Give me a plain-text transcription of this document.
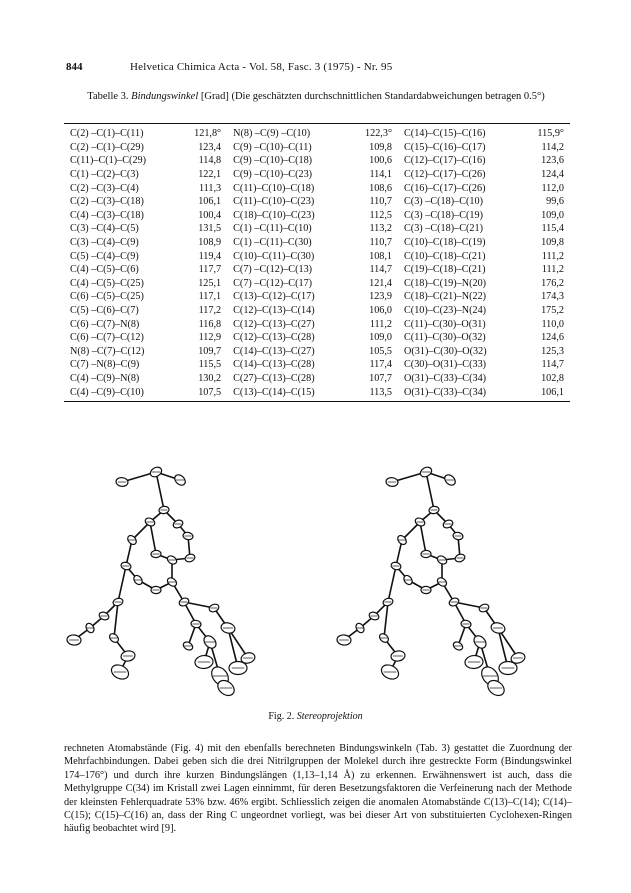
844	Helvetica Chimica Acta - Vol. 58, Fasc. 3 (1975) - Nr. 95
Tabelle 3. Bindungswinkel [Grad] (Die geschätzten durchschnittlichen Standardabweichungen betragen 0.5°)
C(2) –C(1)–C(11)	121,8°	N(8) –C(9) –C(10)	122,3°	C(14)–C(15)–C(16)	115,9°
C(2) –C(1)–C(29)	123,4	C(9) –C(10)–C(11)	109,8	C(15)–C(16)–C(17)	114,2
C(11)–C(1)–C(29)	114,8	C(9) –C(10)–C(18)	100,6	C(12)–C(17)–C(16)	123,6
C(1) –C(2)–C(3)	122,1	C(9) –C(10)–C(23)	114,1	C(12)–C(17)–C(26)	124,4
C(2) –C(3)–C(4)	111,3	C(11)–C(10)–C(18)	108,6	C(16)–C(17)–C(26)	112,0
C(2) –C(3)–C(18)	106,1	C(11)–C(10)–C(23)	110,7	C(3) –C(18)–C(10)	99,6
C(4) –C(3)–C(18)	100,4	C(18)–C(10)–C(23)	112,5	C(3) –C(18)–C(19)	109,0
C(3) –C(4)–C(5)	131,5	C(1) –C(11)–C(10)	113,2	C(3) –C(18)–C(21)	115,4
C(3) –C(4)–C(9)	108,9	C(1) –C(11)–C(30)	110,7	C(10)–C(18)–C(19)	109,8
C(5) –C(4)–C(9)	119,4	C(10)–C(11)–C(30)	108,1	C(10)–C(18)–C(21)	111,2
C(4) –C(5)–C(6)	117,7	C(7) –C(12)–C(13)	114,7	C(19)–C(18)–C(21)	111,2
C(4) –C(5)–C(25)	125,1	C(7) –C(12)–C(17)	121,4	C(18)–C(19)–N(20)	176,2
C(6) –C(5)–C(25)	117,1	C(13)–C(12)–C(17)	123,9	C(18)–C(21)–N(22)	174,3
C(5) –C(6)–C(7)	117,2	C(12)–C(13)–C(14)	106,0	C(10)–C(23)–N(24)	175,2
C(6) –C(7)–N(8)	116,8	C(12)–C(13)–C(27)	111,2	C(11)–C(30)–O(31)	110,0
C(6) –C(7)–C(12)	112,9	C(12)–C(13)–C(28)	109,0	C(11)–C(30)–O(32)	124,6
N(8) –C(7)–C(12)	109,7	C(14)–C(13)–C(27)	105,5	O(31)–C(30)–O(32)	125,3
C(7) –N(8)–C(9)	115,5	C(14)–C(13)–C(28)	117,4	C(30)–O(31)–C(33)	114,7
C(4) –C(9)–N(8)	130,2	C(27)–C(13)–C(28)	107,7	O(31)–C(33)–C(34)	102,8
C(4) –C(9)–C(10)	107,5	C(13)–C(14)–C(15)	113,5	O(31)–C(33)–C(34)	106,1
Fig. 2. Stereoprojektion
rechneten Atomabstände (Fig. 4) mit den ebenfalls berechneten Bindungswinkeln (Tab. 3) gestattet die Zuordnung der Mehrfachbindungen. Dabei geben sich die drei Nitrilgruppen der Molekel durch ihre gestreckte Form (Bindungswinkel 174–176°) und durch ihre kurzen Bindungslängen (1,13–1,14 Å) zu erkennen. Erwähnenswert ist auch, dass die Methylgruppe C(34) im Kristall zwei Lagen einnimmt, für deren Besetzungsfaktoren die Verfeinerung nach der Methode der kleinsten Fehlerquadrate 53% bzw. 46% ergibt. Schliesslich zeigen die anomalen Atomabstände C(13)–C(14); C(14)–C(15); C(15)–C(16) an, dass der Ring C ungeordnet vorliegt, was bei dieser Art von substituierten Cyclohexen-Ringen häufig beobachtet wird [9].
